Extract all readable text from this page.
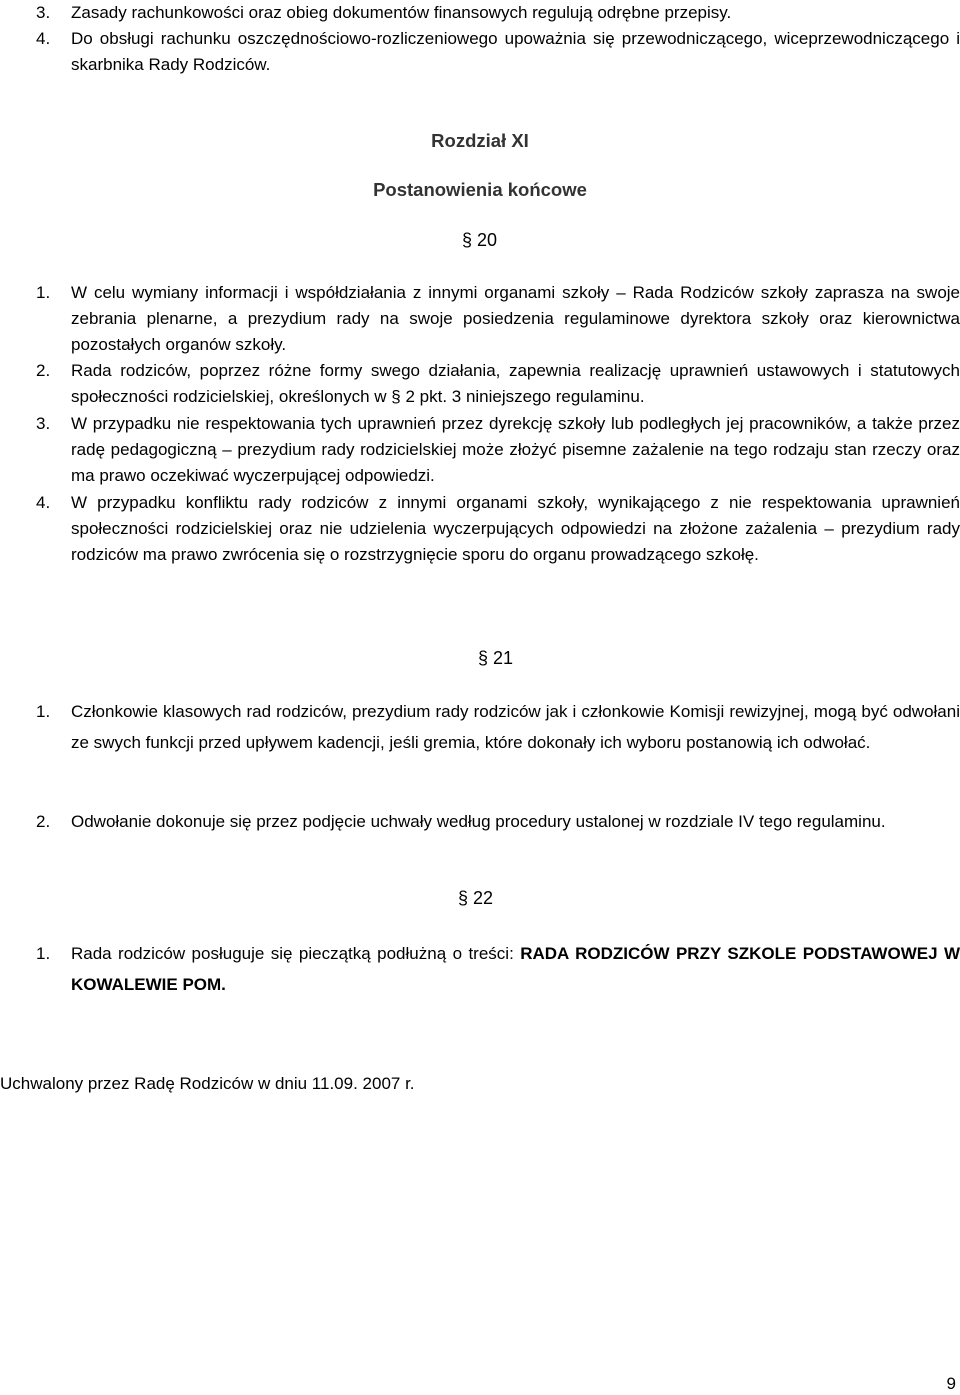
3.	Zasady rachunkowości oraz obieg dokumentów finansowych regulują odrębne przepisy.
4.	Do obsługi rachunku oszczędnościowo-rozliczeniowego upoważnia się przewodniczącego, wiceprzewodniczącego i skarbnika Rady Rodziców.
Rozdział XI
Postanowienia końcowe
§ 20
1.	W celu wymiany informacji i współdziałania z innymi organami szkoły – Rada Rodziców szkoły zaprasza na swoje zebrania plenarne, a prezydium rady na swoje posiedzenia regulaminowe dyrektora szkoły oraz kierownictwa pozostałych organów szkoły.
2.	Rada rodziców, poprzez różne formy swego działania, zapewnia realizację uprawnień ustawowych i statutowych społeczności rodzicielskiej, określonych w § 2 pkt. 3 niniejszego regulaminu.
3.	W przypadku nie respektowania tych uprawnień przez dyrekcję szkoły lub podległych jej pracowników, a także przez radę pedagogiczną – prezydium rady rodzicielskiej może złożyć pisemne zażalenie na tego rodzaju stan rzeczy oraz ma prawo oczekiwać wyczerpującej odpowiedzi.
4.	W przypadku konfliktu rady rodziców z innymi organami szkoły, wynikającego z nie respektowania uprawnień społeczności rodzicielskiej oraz nie udzielenia wyczerpujących odpowiedzi na złożone zażalenia – prezydium rady rodziców ma prawo zwrócenia się o rozstrzygnięcie sporu do organu prowadzącego szkołę.
§ 21
1.	Członkowie klasowych rad rodziców, prezydium rady rodziców jak i członkowie Komisji rewizyjnej, mogą być odwołani ze swych funkcji przed upływem kadencji, jeśli gremia, które dokonały ich wyboru postanowią ich odwołać.
2.	Odwołanie dokonuje się przez podjęcie uchwały według procedury ustalonej w rozdziale IV tego regulaminu.
§ 22
1.	Rada rodziców posługuje się pieczątką podłużną o treści: RADA RODZICÓW PRZY SZKOLE PODSTAWOWEJ W KOWALEWIE POM.
Uchwalony przez Radę Rodziców w dniu 11.09. 2007 r.
9
